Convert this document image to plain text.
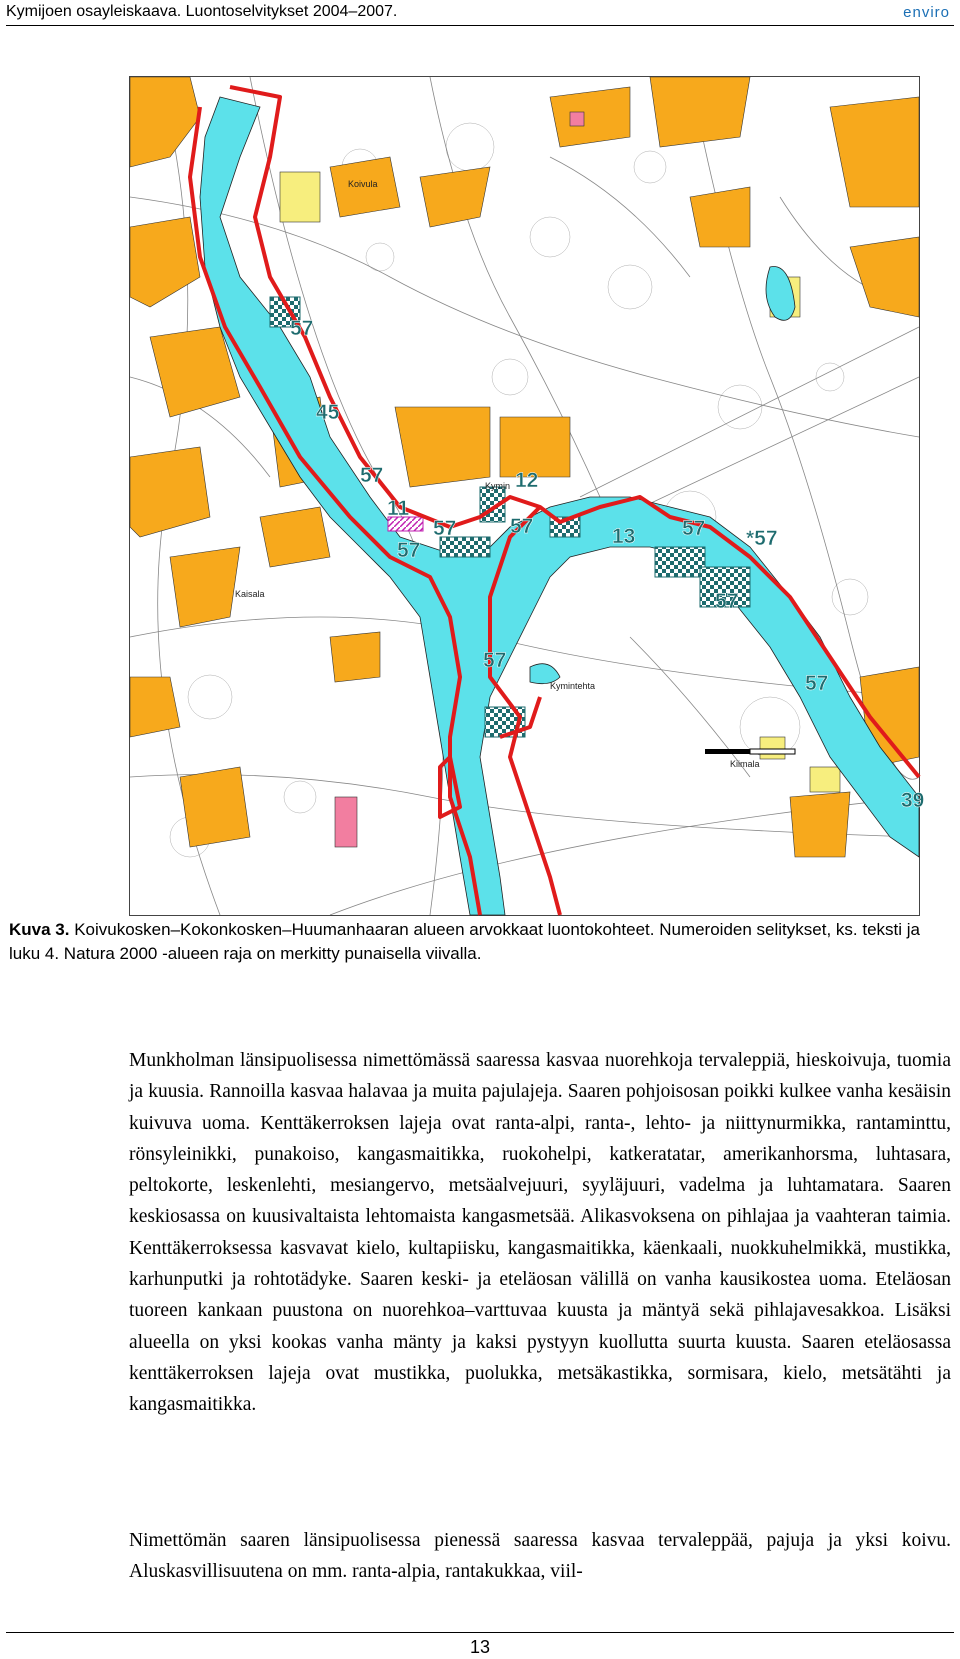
Kymijoen osayleiskaava. Luontoselvitykset 2004–2007.	enviro
57
45
57	12
11
57
57
13
57
*57
57
57
57
57
39
Koivula
Kymin
Kaisala
Kymintehta
Kiimala
Kuva 3. Koivukosken–Kokonkosken–Huumanhaaran alueen arvokkaat luontokohteet. Numeroiden selitykset, ks. teksti ja luku 4. Natura 2000 -alueen raja on merkitty punaisella viivalla.

Munkholman länsipuolisessa nimettömässä saaressa kasvaa nuorehkoja tervaleppiä, hieskoivuja, tuomia ja kuusia. Rannoilla kasvaa halavaa ja muita pajulajeja. Saaren pohjoisosan poikki kulkee vanha kesäisin kuivuva uoma. Kenttäkerroksen lajeja ovat ranta-alpi, ranta-, lehto- ja niittynurmikka, rantaminttu, rönsyleinikki, punakoiso, kangasmaitikka, ruokohelpi, katkeratatar, amerikanhorsma, luhtasara, peltokorte, leskenlehti, mesiangervo, metsäalvejuuri, syyläjuuri, vadelma ja luhtamatara. Saaren keskiosassa on kuusivaltaista lehtomaista kangasmetsää. Alikasvoksena on pihlajaa ja vaahteran taimia. Kenttäkerroksessa kasvavat kielo, kultapiisku, kangasmaitikka, käenkaali, nuokkuhelmikkä, mustikka, karhunputki ja rohtotädyke. Saaren keski- ja eteläosan välillä on vanha kausikostea uoma. Eteläosan tuoreen kankaan puustona on nuorehkoa–varttuvaa kuusta ja mäntyä sekä pihlajavesakkoa. Lisäksi alueella on yksi kookas vanha mänty ja kaksi pystyyn kuollutta suurta kuusta. Saaren eteläosassa kenttäkerroksen lajeja ovat mustikka, puolukka, metsäkastikka, sormisara, kielo, metsätähti ja kangasmaitikka.

Nimettömän saaren länsipuolisessa pienessä saaressa kasvaa tervaleppää, pajuja ja yksi koivu. Aluskasvillisuutena on mm. ranta-alpia, rantakukkaa, viil-

13
